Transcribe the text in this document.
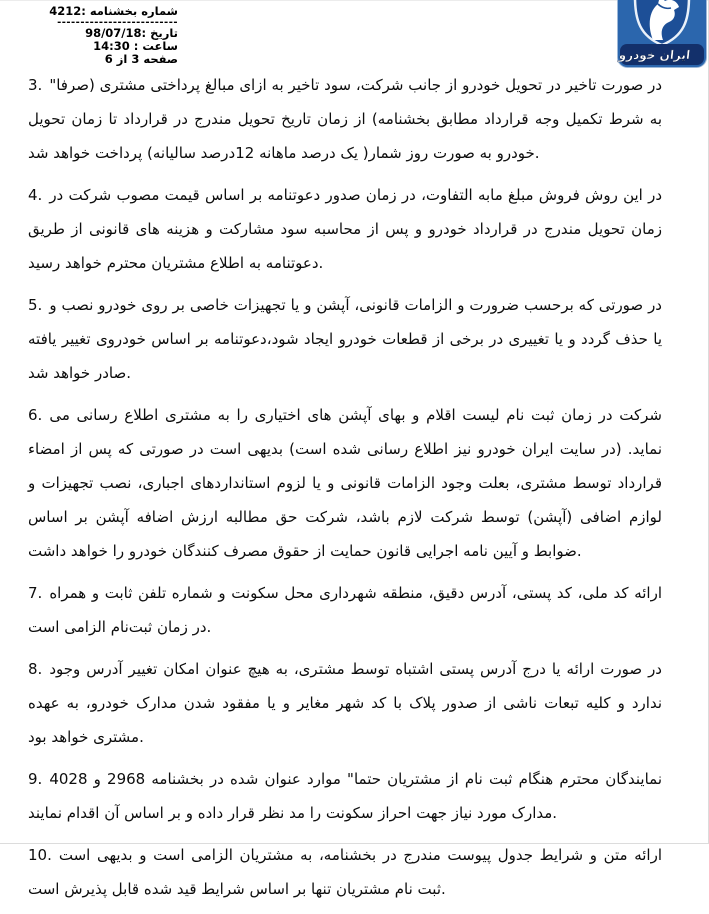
شماره بخشنامه :4212
--------------------------
تاریخ :98/07/18
ساعت : 14:30
صفحه 3 از 6	ایران خودرو

3. در صورت تاخیر در تحویل خودرو از جانب شرکت، سود تاخیر به ازای مبالغ پرداختی مشتری (صرفا" به شرط تکمیل وجه قرارداد مطابق بخشنامه) از زمان تاریخ تحویل مندرج در قرارداد تا زمان تحویل خودرو به صورت روز شمار( یک درصد ماهانه 12درصد سالیانه) پرداخت خواهد شد.

4. در این روش فروش مبلغ مابه التفاوت، در زمان صدور دعوتنامه بر اساس قیمت مصوب شرکت در زمان تحویل مندرج در قرارداد خودرو و پس از محاسبه سود مشارکت و هزینه های قانونی از طریق دعوتنامه به اطلاع مشتریان محترم خواهد رسید.

5. در صورتی که برحسب ضرورت و الزامات قانونی، آپشن و یا تجهیزات خاصی بر روی خودرو نصب و یا حذف گردد و یا تغییری در برخی از قطعات خودرو ایجاد شود،دعوتنامه بر اساس خودروی تغییر یافته صادر خواهد شد.

6. شرکت در زمان ثبت نام لیست اقلام و بهای آپشن های اختیاری را به مشتری اطلاع رسانی می نماید. (در سایت ایران خودرو نیز اطلاع رسانی شده است) بدیهی است در صورتی که پس از امضاء قرارداد توسط مشتری، بعلت وجود الزامات قانونی و یا لزوم استانداردهای اجباری، نصب تجهیزات و لوازم اضافی (آپشن) توسط شرکت لازم باشد، شرکت حق مطالبه ارزش اضافه آپشن بر اساس ضوابط و آیین نامه اجرایی قانون حمایت از حقوق مصرف کنندگان خودرو را خواهد داشت.

7. ارائه کد ملی، کد پستی، آدرس دقیق، منطقه شهرداری محل سکونت و شماره تلفن ثابت و همراه در زمان ثبت‌نام الزامی است.

8. در صورت ارائه یا درج آدرس پستی اشتباه توسط مشتری، به هیچ عنوان امکان تغییر آدرس وجود ندارد و کلیه تبعات ناشی از صدور پلاک با کد شهر مغایر و یا مفقود شدن مدارک خودرو، به عهده مشتری خواهد بود.

9. نمایندگان محترم هنگام ثبت نام از مشتریان حتما" موارد عنوان شده در بخشنامه 2968 و 4028 مدارک مورد نیاز جهت احراز سکونت را مد نظر قرار داده و بر اساس آن اقدام نمایند.

10. ارائه متن و شرایط جدول پیوست مندرج در بخشنامه، به مشتریان الزامی است و بدیهی است ثبت نام مشتریان تنها بر اساس شرایط قید شده قابل پذیرش است.
